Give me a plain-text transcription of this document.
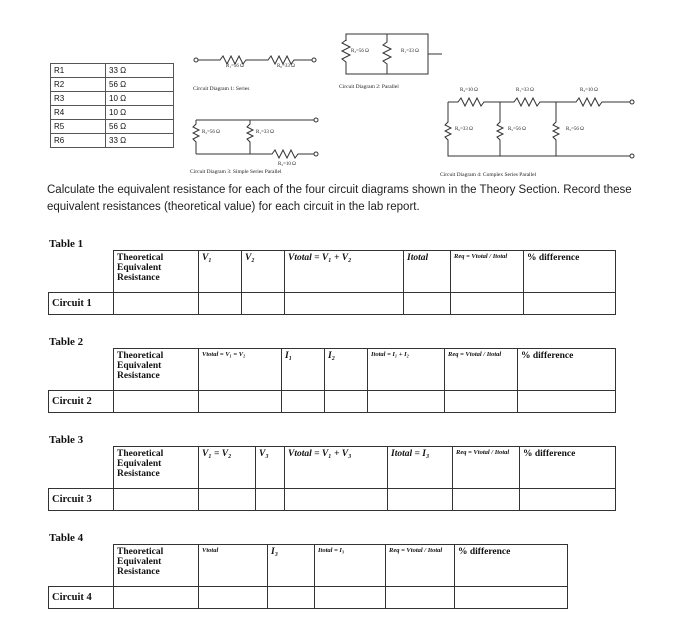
R1	33 Ω
R2	56 Ω
R3	10 Ω
R4	10 Ω
R5	56 Ω
R6	33 Ω
R₁=56 Ω	R₆=33 Ω
Circuit Diagram 1: Series
R₂=56 Ω	R₁=33 Ω
Circuit Diagram 2: Parallel
R₂=56 Ω	R₁=33 Ω
R₃=10 Ω
Circuit Diagram 3: Simple Series Parallel
R₄=10 Ω	R₁=33 Ω	R₃=10 Ω
R₆=33 Ω	R₅=56 Ω	R₂=56 Ω
Circuit Diagram 4: Complex Series Parallel
Calculate the equivalent resistance for each of the four circuit diagrams shown in the Theory Section. Record these equivalent resistances (theoretical value) for each circuit in the lab report.
Table 1
	Theoretical Equivalent Resistance	V₁	V₂	Vtotal = V₁ + V₂	Itotal	Req = Vtotal / Itotal	% difference
Circuit 1							
Table 2
	Theoretical Equivalent Resistance	Vtotal = V₁ = V₂	I₁	I₂	Itotal = I₁ + I₂	Req = Vtotal / Itotal	% difference
Circuit 2							
Table 3
	Theoretical Equivalent Resistance	V₁ = V₂	V₃	Vtotal = V₁ + V₃	Itotal = I₃	Req = Vtotal / Itotal	% difference
Circuit 3							
Table 4
	Theoretical Equivalent Resistance	Vtotal	I₃	Itotal = I₃	Req = Vtotal / Itotal	% difference
Circuit 4						
